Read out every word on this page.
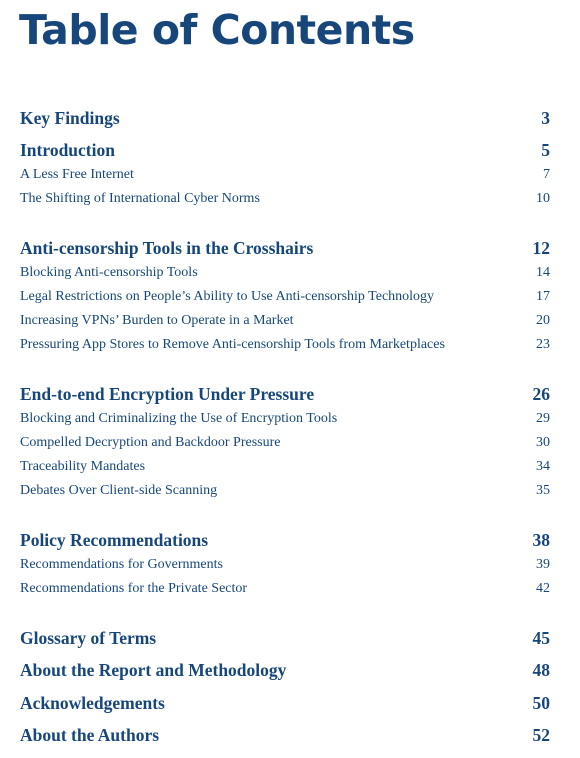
Table of Contents
Key Findings	3
Introduction	5
A Less Free Internet	7
The Shifting of International Cyber Norms	10
Anti-censorship Tools in the Crosshairs	12
Blocking Anti-censorship Tools	14
Legal Restrictions on People’s Ability to Use Anti-censorship Technology	17
Increasing VPNs’ Burden to Operate in a Market	20
Pressuring App Stores to Remove Anti-censorship Tools from Marketplaces	23
End-to-end Encryption Under Pressure	26
Blocking and Criminalizing the Use of Encryption Tools	29
Compelled Decryption and Backdoor Pressure	30
Traceability Mandates	34
Debates Over Client-side Scanning	35
Policy Recommendations	38
Recommendations for Governments	39
Recommendations for the Private Sector	42
Glossary of Terms	45
About the Report and Methodology	48
Acknowledgements	50
About the Authors	52
